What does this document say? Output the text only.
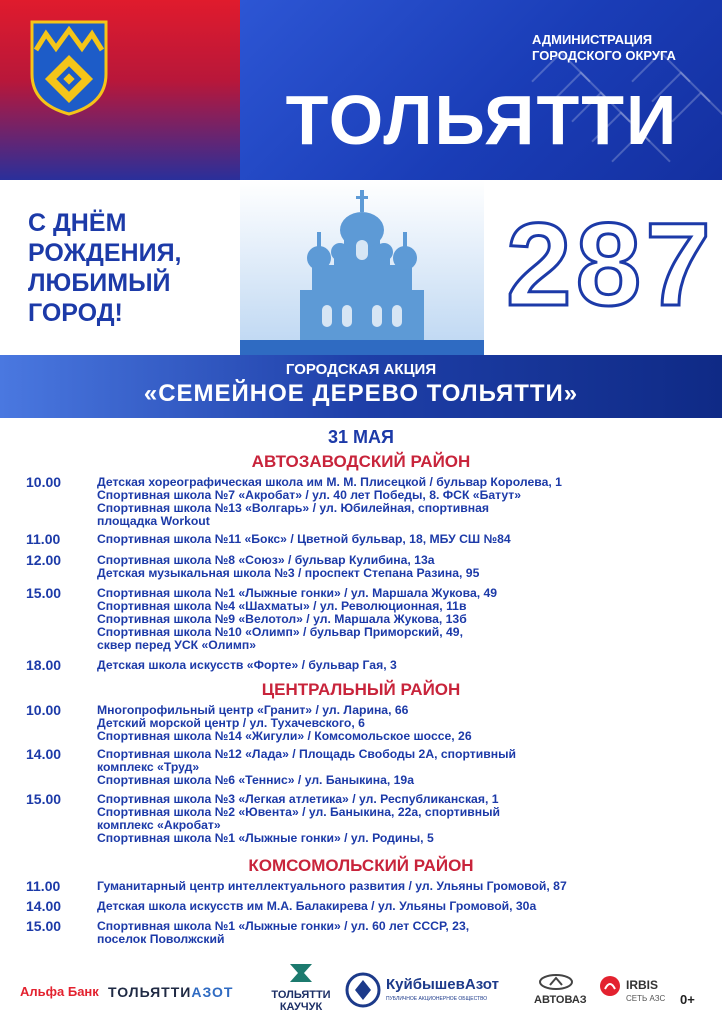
АДМИНИСТРАЦИЯ
ГОРОДСКОГО ОКРУГА
ТОЛЬЯТТИ
С ДНЁМ
РОЖДЕНИЯ,
ЛЮБИМЫЙ
ГОРОД!	287
ГОРОДСКАЯ АКЦИЯ
«СЕМЕЙНОЕ ДЕРЕВО ТОЛЬЯТТИ»
31 МАЯ
АВТОЗАВОДСКИЙ РАЙОН
10.00	Детская хореографическая школа им М. М. Плисецкой / бульвар Королева, 1
Спортивная школа №7 «Акробат» / ул. 40 лет Победы, 8. ФСК «Батут»
Спортивная школа №13 «Волгарь» / ул. Юбилейная, спортивная
площадка Workout
11.00	Спортивная школа №11 «Бокс» / Цветной бульвар, 18, МБУ СШ №84
12.00	Спортивная школа №8 «Союз» / бульвар Кулибина, 13а
Детская музыкальная школа №3 / проспект Степана Разина, 95
15.00	Спортивная школа №1 «Лыжные гонки» / ул. Маршала Жукова, 49
Спортивная школа №4 «Шахматы» / ул. Революционная, 11в
Спортивная школа №9 «Велотол» / ул. Маршала Жукова, 13б
Спортивная школа №10 «Олимп» / бульвар Приморский, 49,
сквер перед УСК «Олимп»
18.00	Детская школа искусств «Форте» / бульвар Гая, 3
ЦЕНТРАЛЬНЫЙ РАЙОН
10.00	Многопрофильный центр «Гранит» / ул. Ларина, 66
Детский морской центр / ул. Тухачевского, 6
Спортивная школа №14 «Жигули» / Комсомольское шоссе, 26
14.00	Спортивная школа №12 «Лада» / Площадь Свободы 2А, спортивный
комплекс «Труд»
Спортивная школа №6 «Теннис» / ул. Баныкина, 19а
15.00	Спортивная школа №3 «Легкая атлетика» / ул. Республиканская, 1
Спортивная школа №2 «Ювента» / ул. Баныкина, 22а, спортивный
комплекс «Акробат»
Спортивная школа №1 «Лыжные гонки» / ул. Родины, 5
КОМСОМОЛЬСКИЙ РАЙОН
11.00	Гуманитарный центр интеллектуального развития / ул. Ульяны Громовой, 87
14.00	Детская школа искусств им М.А. Балакирева / ул. Ульяны Громовой, 30а
15.00	Спортивная школа №1 «Лыжные гонки» / ул. 60 лет СССР, 23,
поселок Поволжский
Альфа Банк ТОЛЬЯТТИАЗОТ	ТОЛЬЯТТИ
КАУЧУК
КуйбышевАзот
ПУБЛИЧНОЕ АКЦИОНЕРНОЕ ОБЩЕСТВО	АВТОВАЗ
IRBIS
СЕТЬ АЗС 0+
